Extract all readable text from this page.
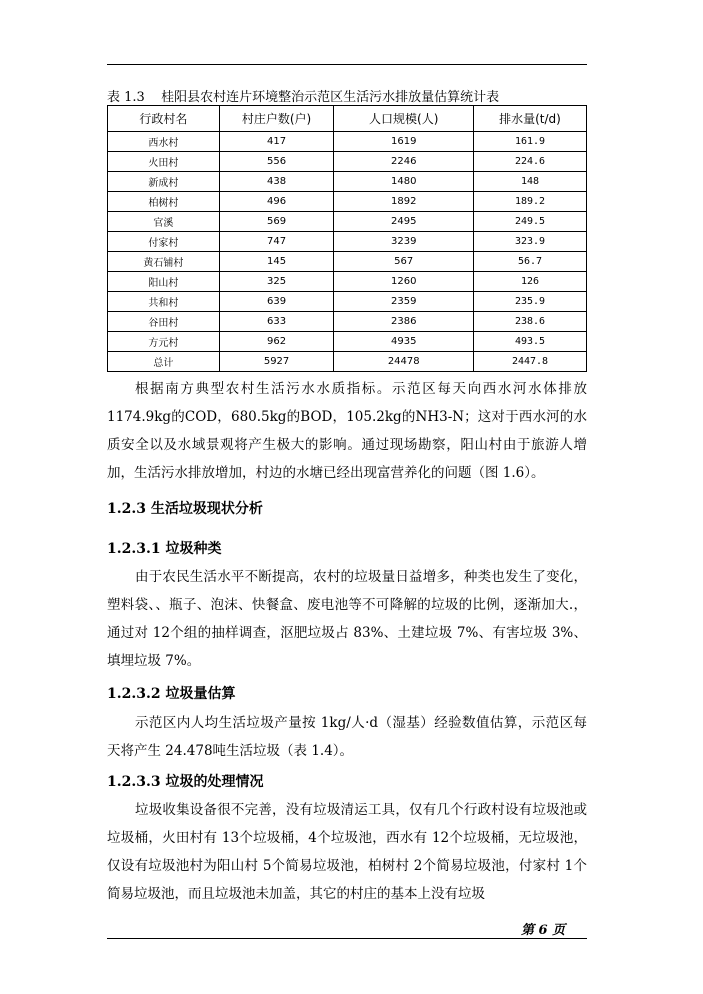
表 1.3 桂阳县农村连片环境整治示范区生活污水排放量估算统计表
行政村名	村庄户数(户)	人口规模(人)	排水量(t/d)
西水村	417	1619	161.9
火田村	556	2246	224.6
新成村	438	1480	148
柏树村	496	1892	189.2
官溪	569	2495	249.5
付家村	747	3239	323.9
黄石铺村	145	567	56.7
阳山村	325	1260	126
共和村	639	2359	235.9
谷田村	633	2386	238.6
方元村	962	4935	493.5
总计	5927	24478	2447.8

根据南方典型农村生活污水水质指标。示范区每天向西水河水体排放1174.9kg的COD，680.5kg的BOD，105.2kg的NH3-N；这对于西水河的水质安全以及水域景观将产生极大的影响。通过现场勘察，阳山村由于旅游人增加，生活污水排放增加，村边的水塘已经出现富营养化的问题（图 1.6）。

1.2.3 生活垃圾现状分析
1.2.3.1 垃圾种类

由于农民生活水平不断提高，农村的垃圾量日益增多，种类也发生了变化，塑料袋、、瓶子、泡沫、快餐盒、废电池等不可降解的垃圾的比例，逐渐加大.，通过对 12个组的抽样调查，沤肥垃圾占 83%、土建垃圾 7%、有害垃圾 3%、填埋垃圾 7%。

1.2.3.2 垃圾量估算

示范区内人均生活垃圾产量按 1kg/人·d（湿基）经验数值估算，示范区每天将产生 24.478吨生活垃圾（表 1.4）。

1.2.3.3 垃圾的处理情况

垃圾收集设备很不完善，没有垃圾清运工具，仅有几个行政村设有垃圾池或垃圾桶，火田村有 13个垃圾桶，4个垃圾池，西水有 12个垃圾桶，无垃圾池，仅设有垃圾池村为阳山村 5个简易垃圾池，柏树村 2个简易垃圾池，付家村 1个简易垃圾池，而且垃圾池未加盖，其它的村庄的基本上没有垃圾

第 6 页
